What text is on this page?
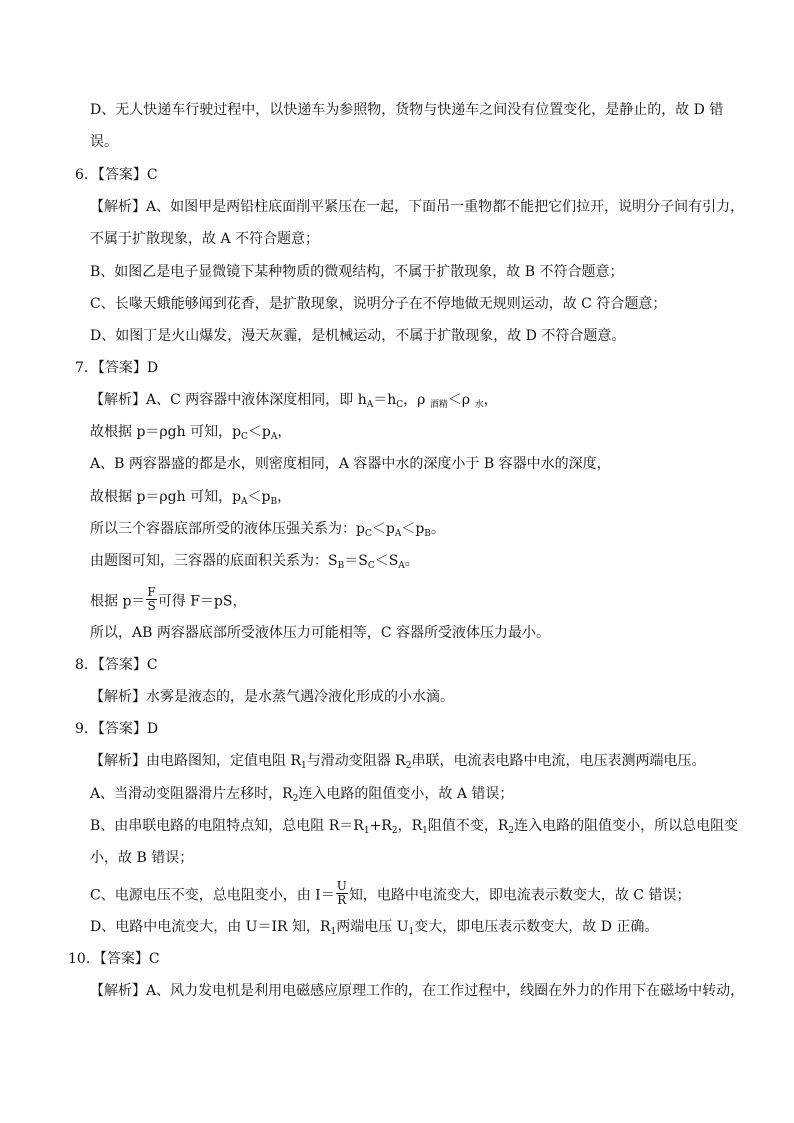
D、无人快递车行驶过程中，以快递车为参照物，货物与快递车之间没有位置变化，是静止的，故 D 错
误。
6．【答案】C
【解析】A、如图甲是两铅柱底面削平紧压在一起，下面吊一重物都不能把它们拉开，说明分子间有引力，
不属于扩散现象，故 A 不符合题意；
B、如图乙是电子显微镜下某种物质的微观结构，不属于扩散现象，故 B 不符合题意；
C、长喙天蛾能够闻到花香，是扩散现象，说明分子在不停地做无规则运动，故 C 符合题意；
D、如图丁是火山爆发，漫天灰霾，是机械运动，不属于扩散现象，故 D 不符合题意。
7．【答案】D
【解析】A、C 两容器中液体深度相同，即 $h_A=h_C$，ρ $_{酒精}$＜ρ $_水$，
故根据 p＝ρgh 可知，$p_C<p_A$，
A、B 两容器盛的都是水，则密度相同，A 容器中水的深度小于 B 容器中水的深度，
故根据 p＝ρgh 可知，$p_A<p_B$，
所以三个容器底部所受的液体压强关系为：$p_C<p_A<p_B$。
由题图可知，三容器的底面积关系为：$S_B=S_C<S_A$。
根据 $p= \frac{F}{S}$ 可得 F＝pS，
所以，AB 两容器底部所受液体压力可能相等，C 容器所受液体压力最小。
8．【答案】C
【解析】水雾是液态的，是水蒸气遇冷液化形成的小水滴。
9．【答案】D
【解析】由电路图知，定值电阻 $R_1$与滑动变阻器 $R_2$串联，电流表电路中电流，电压表测两端电压。
A、当滑动变阻器滑片左移时，$R_2$连入电路的阻值变小，故 A 错误；
B、由串联电路的电阻特点知，总电阻 $R=R_1+R_2$，$R_1$阻值不变，$R_2$连入电路的阻值变小，所以总电阻变
小，故 B 错误；
C、电源电压不变，总电阻变小，由 $I= \frac{U}{R}$ 知，电路中电流变大，即电流表示数变大，故 C 错误；
D、电路中电流变大，由 U＝IR 知，$R_1$两端电压 $U_1$变大，即电压表示数变大，故 D 正确。
10．【答案】C
【解析】A、风力发电机是利用电磁感应原理工作的，在工作过程中，线圈在外力的作用下在磁场中转动，
